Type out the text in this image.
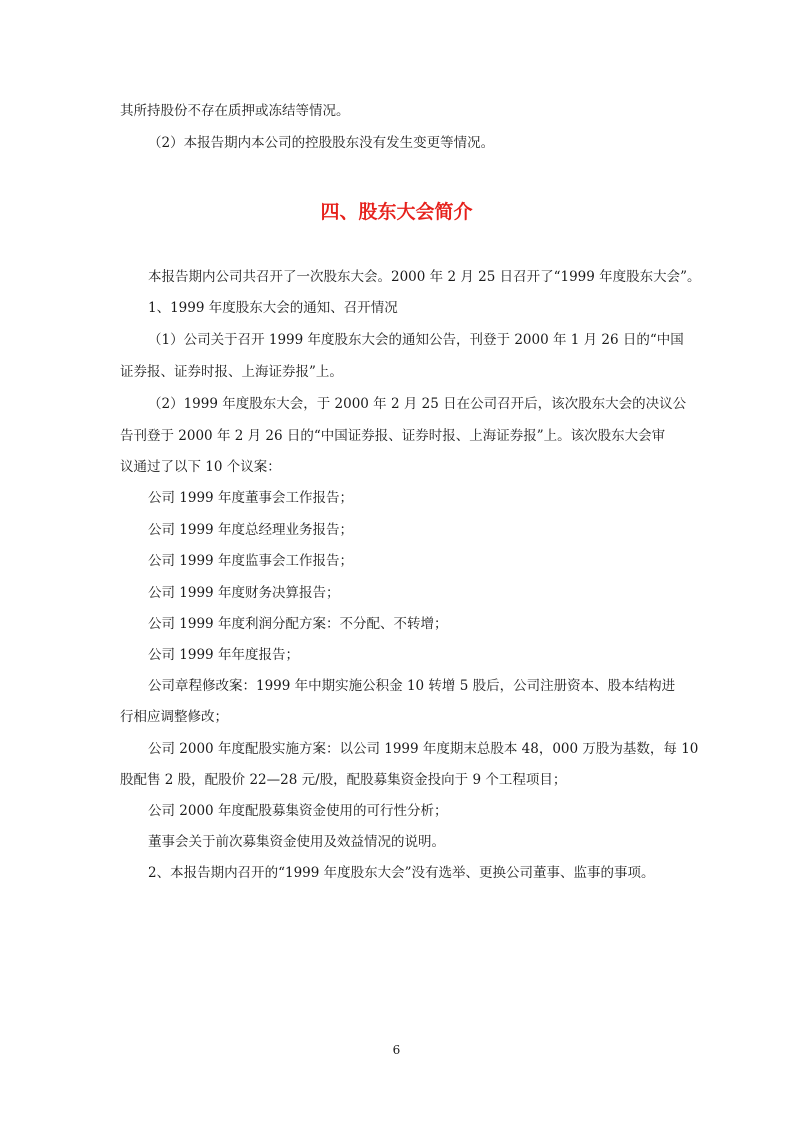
其所持股份不存在质押或冻结等情况。
（2）本报告期内本公司的控股股东没有发生变更等情况。
四、股东大会简介
本报告期内公司共召开了一次股东大会。2000 年 2 月 25 日召开了“1999 年度股东大会”。
1、1999 年度股东大会的通知、召开情况
（1）公司关于召开 1999 年度股东大会的通知公告，刊登于 2000 年 1 月 26 日的“中国
证券报、证券时报、上海证券报”上。
（2）1999 年度股东大会，于 2000 年 2 月 25 日在公司召开后，该次股东大会的决议公
告刊登于 2000 年 2 月 26 日的“中国证券报、证券时报、上海证券报”上。该次股东大会审
议通过了以下 10 个议案：
公司 1999 年度董事会工作报告；
公司 1999 年度总经理业务报告；
公司 1999 年度监事会工作报告；
公司 1999 年度财务决算报告；
公司 1999 年度利润分配方案：不分配、不转增；
公司 1999 年年度报告；
公司章程修改案：1999 年中期实施公积金 10 转增 5 股后，公司注册资本、股本结构进
行相应调整修改；
公司 2000 年度配股实施方案：以公司 1999 年度期末总股本 48，000 万股为基数，每 10
股配售 2 股，配股价 22—28 元/股，配股募集资金投向于 9 个工程项目；
公司 2000 年度配股募集资金使用的可行性分析；
董事会关于前次募集资金使用及效益情况的说明。
2、本报告期内召开的“1999 年度股东大会”没有选举、更换公司董事、监事的事项。
6
